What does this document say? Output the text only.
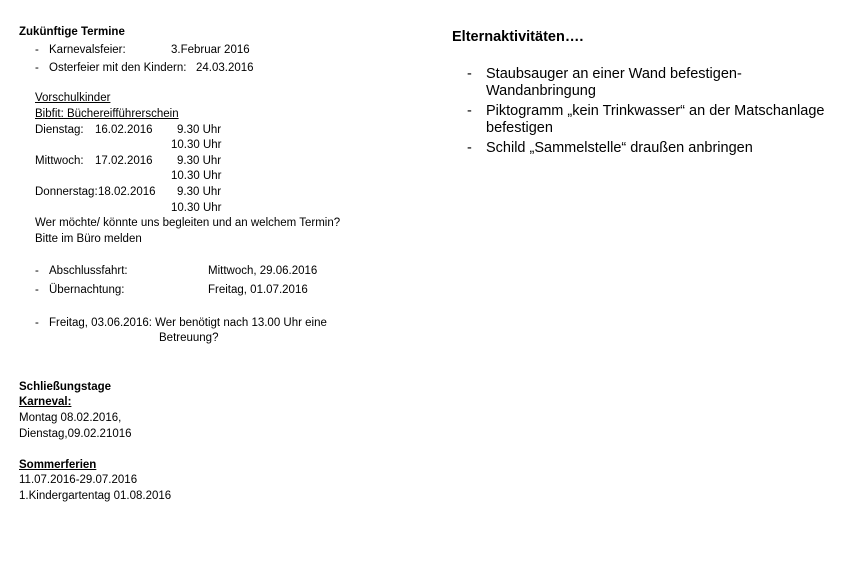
Zukünftige Termine
- Karnevalsfeier:	3.Februar 2016
- Osterfeier mit den Kindern: 24.03.2016
Vorschulkinder
Bibfit: Büchereifführerschein
Dienstag: 16.02.2016 9.30 Uhr
10.30 Uhr
Mittwoch: 17.02.2016 9.30 Uhr
10.30 Uhr
Donnerstag: 18.02.2016 9.30 Uhr
10.30 Uhr
Wer möchte/ könnte uns begleiten und an welchem Termin?
Bitte im Büro melden
- Abschlussfahrt:	Mittwoch, 29.06.2016
- Übernachtung:	Freitag, 01.07.2016
- Freitag, 03.06.2016: Wer benötigt nach 13.00 Uhr eine
Betreuung?
Schließungstage
Karneval:
Montag 08.02.2016,
Dienstag,09.02.21016
Sommerferien
11.07.2016-29.07.2016
1.Kindergartentag 01.08.2016
Elternaktivitäten….
- Staubsauger an einer Wand befestigen-
Wandanbringung
- Piktogramm „kein Trinkwasser“ an der Matschanlage
befestigen
- Schild „Sammelstelle“ draußen anbringen
